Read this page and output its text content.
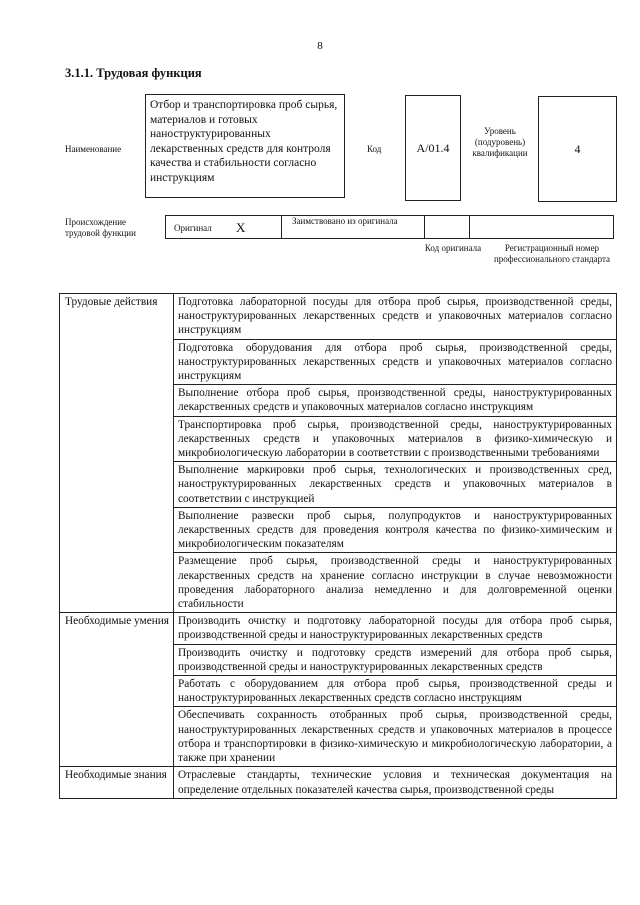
8
3.1.1. Трудовая функция
Наименование
Отбор и транспортировка проб сырья, материалов и готовых наноструктурированных лекарственных средств для контроля качества и стабильности согласно инструкциям
Код	А/01.4
Уровень (подуровень) квалификации	4
Происхождение трудовой функции	Оригинал X	Заимствовано из оригинала
Код оригинала	Регистрационный номер профессионального стандарта
Трудовые действия	Подготовка лабораторной посуды для отбора проб сырья, производственной среды, наноструктурированных лекарственных средств и упаковочных материалов согласно инструкциям
	Подготовка оборудования для отбора проб сырья, производственной среды, наноструктурированных лекарственных средств и упаковочных материалов согласно инструкциям
	Выполнение отбора проб сырья, производственной среды, наноструктурированных лекарственных средств и упаковочных материалов согласно инструкциям
	Транспортировка проб сырья, производственной среды, наноструктурированных лекарственных средств и упаковочных материалов в физико-химическую и микробиологическую лаборатории в соответствии с производственными требованиями
	Выполнение маркировки проб сырья, технологических и производственных сред, наноструктурированных лекарственных средств и упаковочных материалов в соответствии с инструкцией
	Выполнение развески проб сырья, полупродуктов и наноструктурированных лекарственных средств для проведения контроля качества по физико-химическим и микробиологическим показателям
	Размещение проб сырья, производственной среды и наноструктурированных лекарственных средств на хранение согласно инструкции в случае невозможности проведения лабораторного анализа немедленно и для долговременной оценки стабильности
Необходимые умения	Производить очистку и подготовку лабораторной посуды для отбора проб сырья, производственной среды и наноструктурированных лекарственных средств
	Производить очистку и подготовку средств измерений для отбора проб сырья, производственной среды и наноструктурированных лекарственных средств
	Работать с оборудованием для отбора проб сырья, производственной среды и наноструктурированных лекарственных средств согласно инструкциям
	Обеспечивать сохранность отобранных проб сырья, производственной среды, наноструктурированных лекарственных средств и упаковочных материалов в процессе отбора и транспортировки в физико-химическую и микробиологическую лаборатории, а также при хранении
Необходимые знания	Отраслевые стандарты, технические условия и техническая документация на определение отдельных показателей качества сырья, производственной среды
